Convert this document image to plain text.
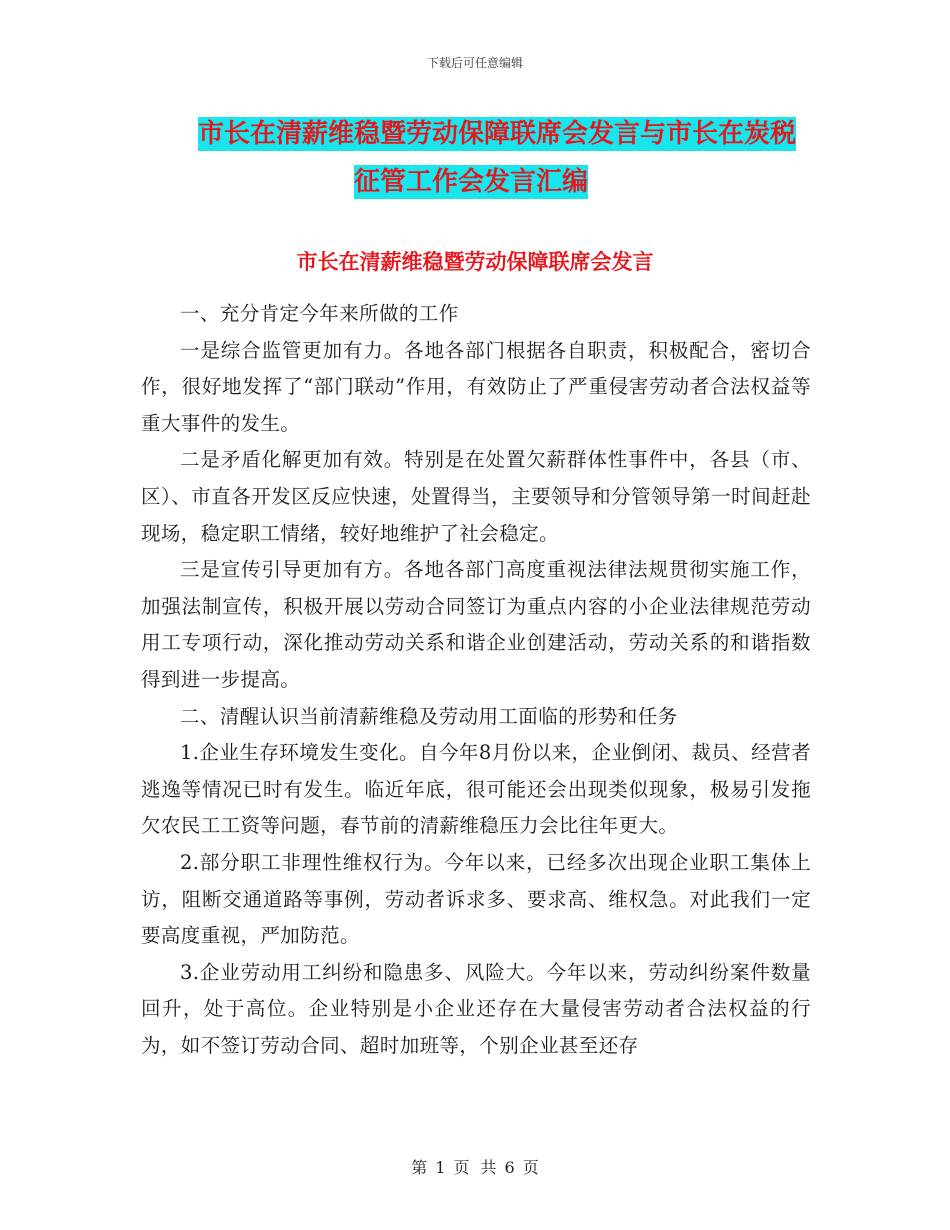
下载后可任意编辑
市长在清薪维稳暨劳动保障联席会发言与市长在炭税
征管工作会发言汇编
市长在清薪维稳暨劳动保障联席会发言

一、充分肯定今年来所做的工作

一是综合监管更加有力。各地各部门根据各自职责，积极配合，密切合作，很好地发挥了“部门联动”作用，有效防止了严重侵害劳动者合法权益等重大事件的发生。

二是矛盾化解更加有效。特别是在处置欠薪群体性事件中，各县（市、区）、市直各开发区反应快速，处置得当，主要领导和分管领导第一时间赶赴现场，稳定职工情绪，较好地维护了社会稳定。

三是宣传引导更加有方。各地各部门高度重视法律法规贯彻实施工作，加强法制宣传，积极开展以劳动合同签订为重点内容的小企业法律规范劳动用工专项行动，深化推动劳动关系和谐企业创建活动，劳动关系的和谐指数得到进一步提高。

二、清醒认识当前清薪维稳及劳动用工面临的形势和任务

1.企业生存环境发生变化。自今年8月份以来，企业倒闭、裁员、经营者逃逸等情况已时有发生。临近年底，很可能还会出现类似现象，极易引发拖欠农民工工资等问题，春节前的清薪维稳压力会比往年更大。

2.部分职工非理性维权行为。今年以来，已经多次出现企业职工集体上访，阻断交通道路等事例，劳动者诉求多、要求高、维权急。对此我们一定要高度重视，严加防范。

3.企业劳动用工纠纷和隐患多、风险大。今年以来，劳动纠纷案件数量回升，处于高位。企业特别是小企业还存在大量侵害劳动者合法权益的行为，如不签订劳动合同、超时加班等，个别企业甚至还存

第 1 页 共 6 页
